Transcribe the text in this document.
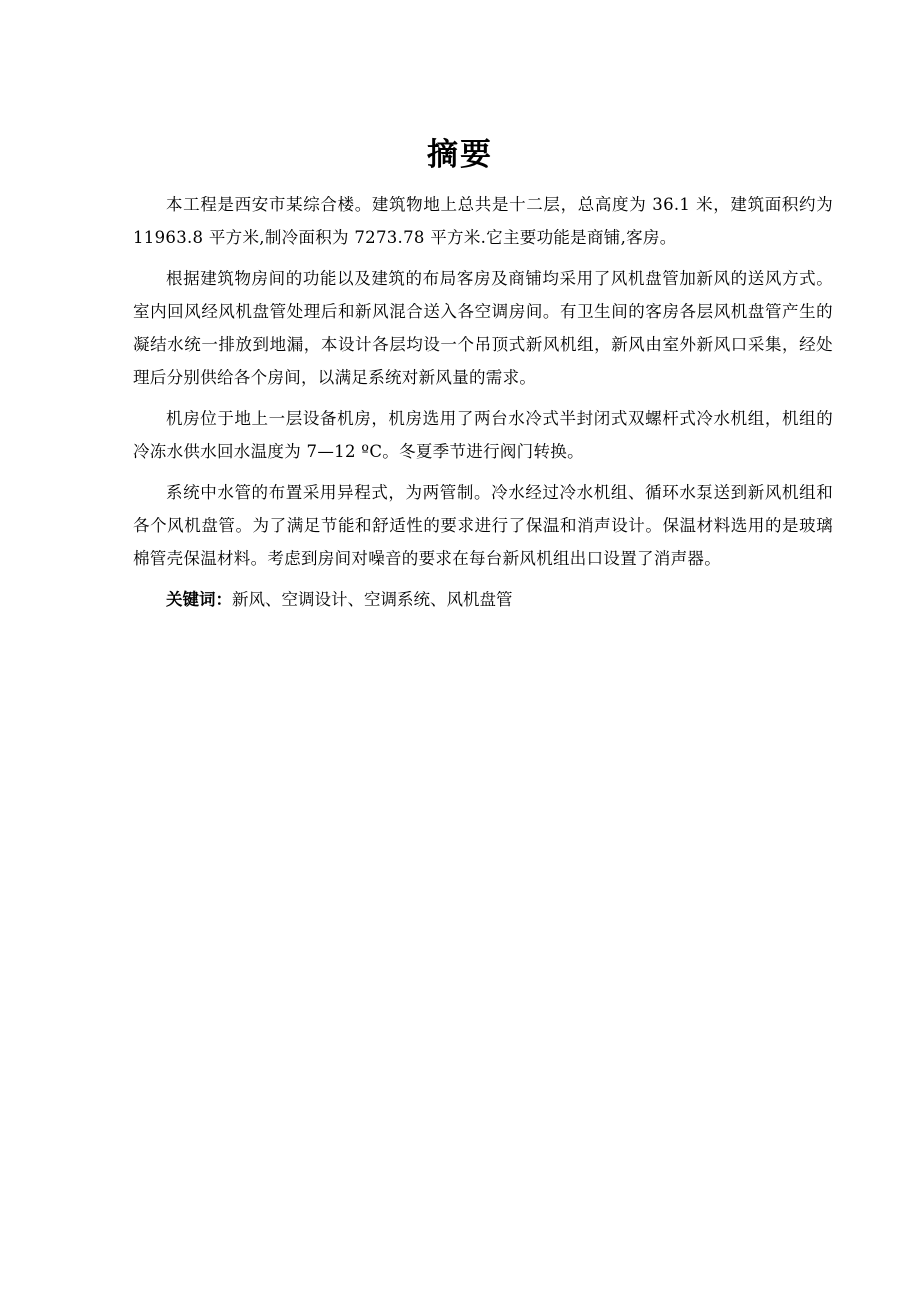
摘要

本工程是西安市某综合楼。建筑物地上总共是十二层，总高度为 36.1 米，建筑面积约为 11963.8 平方米,制冷面积为 7273.78 平方米.它主要功能是商铺,客房。

根据建筑物房间的功能以及建筑的布局客房及商铺均采用了风机盘管加新风的送风方式。室内回风经风机盘管处理后和新风混合送入各空调房间。有卫生间的客房各层风机盘管产生的凝结水统一排放到地漏，本设计各层均设一个吊顶式新风机组，新风由室外新风口采集，经处理后分别供给各个房间，以满足系统对新风量的需求。

机房位于地上一层设备机房，机房选用了两台水冷式半封闭式双螺杆式冷水机组，机组的冷冻水供水回水温度为 7—12 ºC。冬夏季节进行阀门转换。

系统中水管的布置采用异程式，为两管制。冷水经过冷水机组、循环水泵送到新风机组和各个风机盘管。为了满足节能和舒适性的要求进行了保温和消声设计。保温材料选用的是玻璃棉管壳保温材料。考虑到房间对噪音的要求在每台新风机组出口设置了消声器。

关键词：新风、空调设计、空调系统、风机盘管
